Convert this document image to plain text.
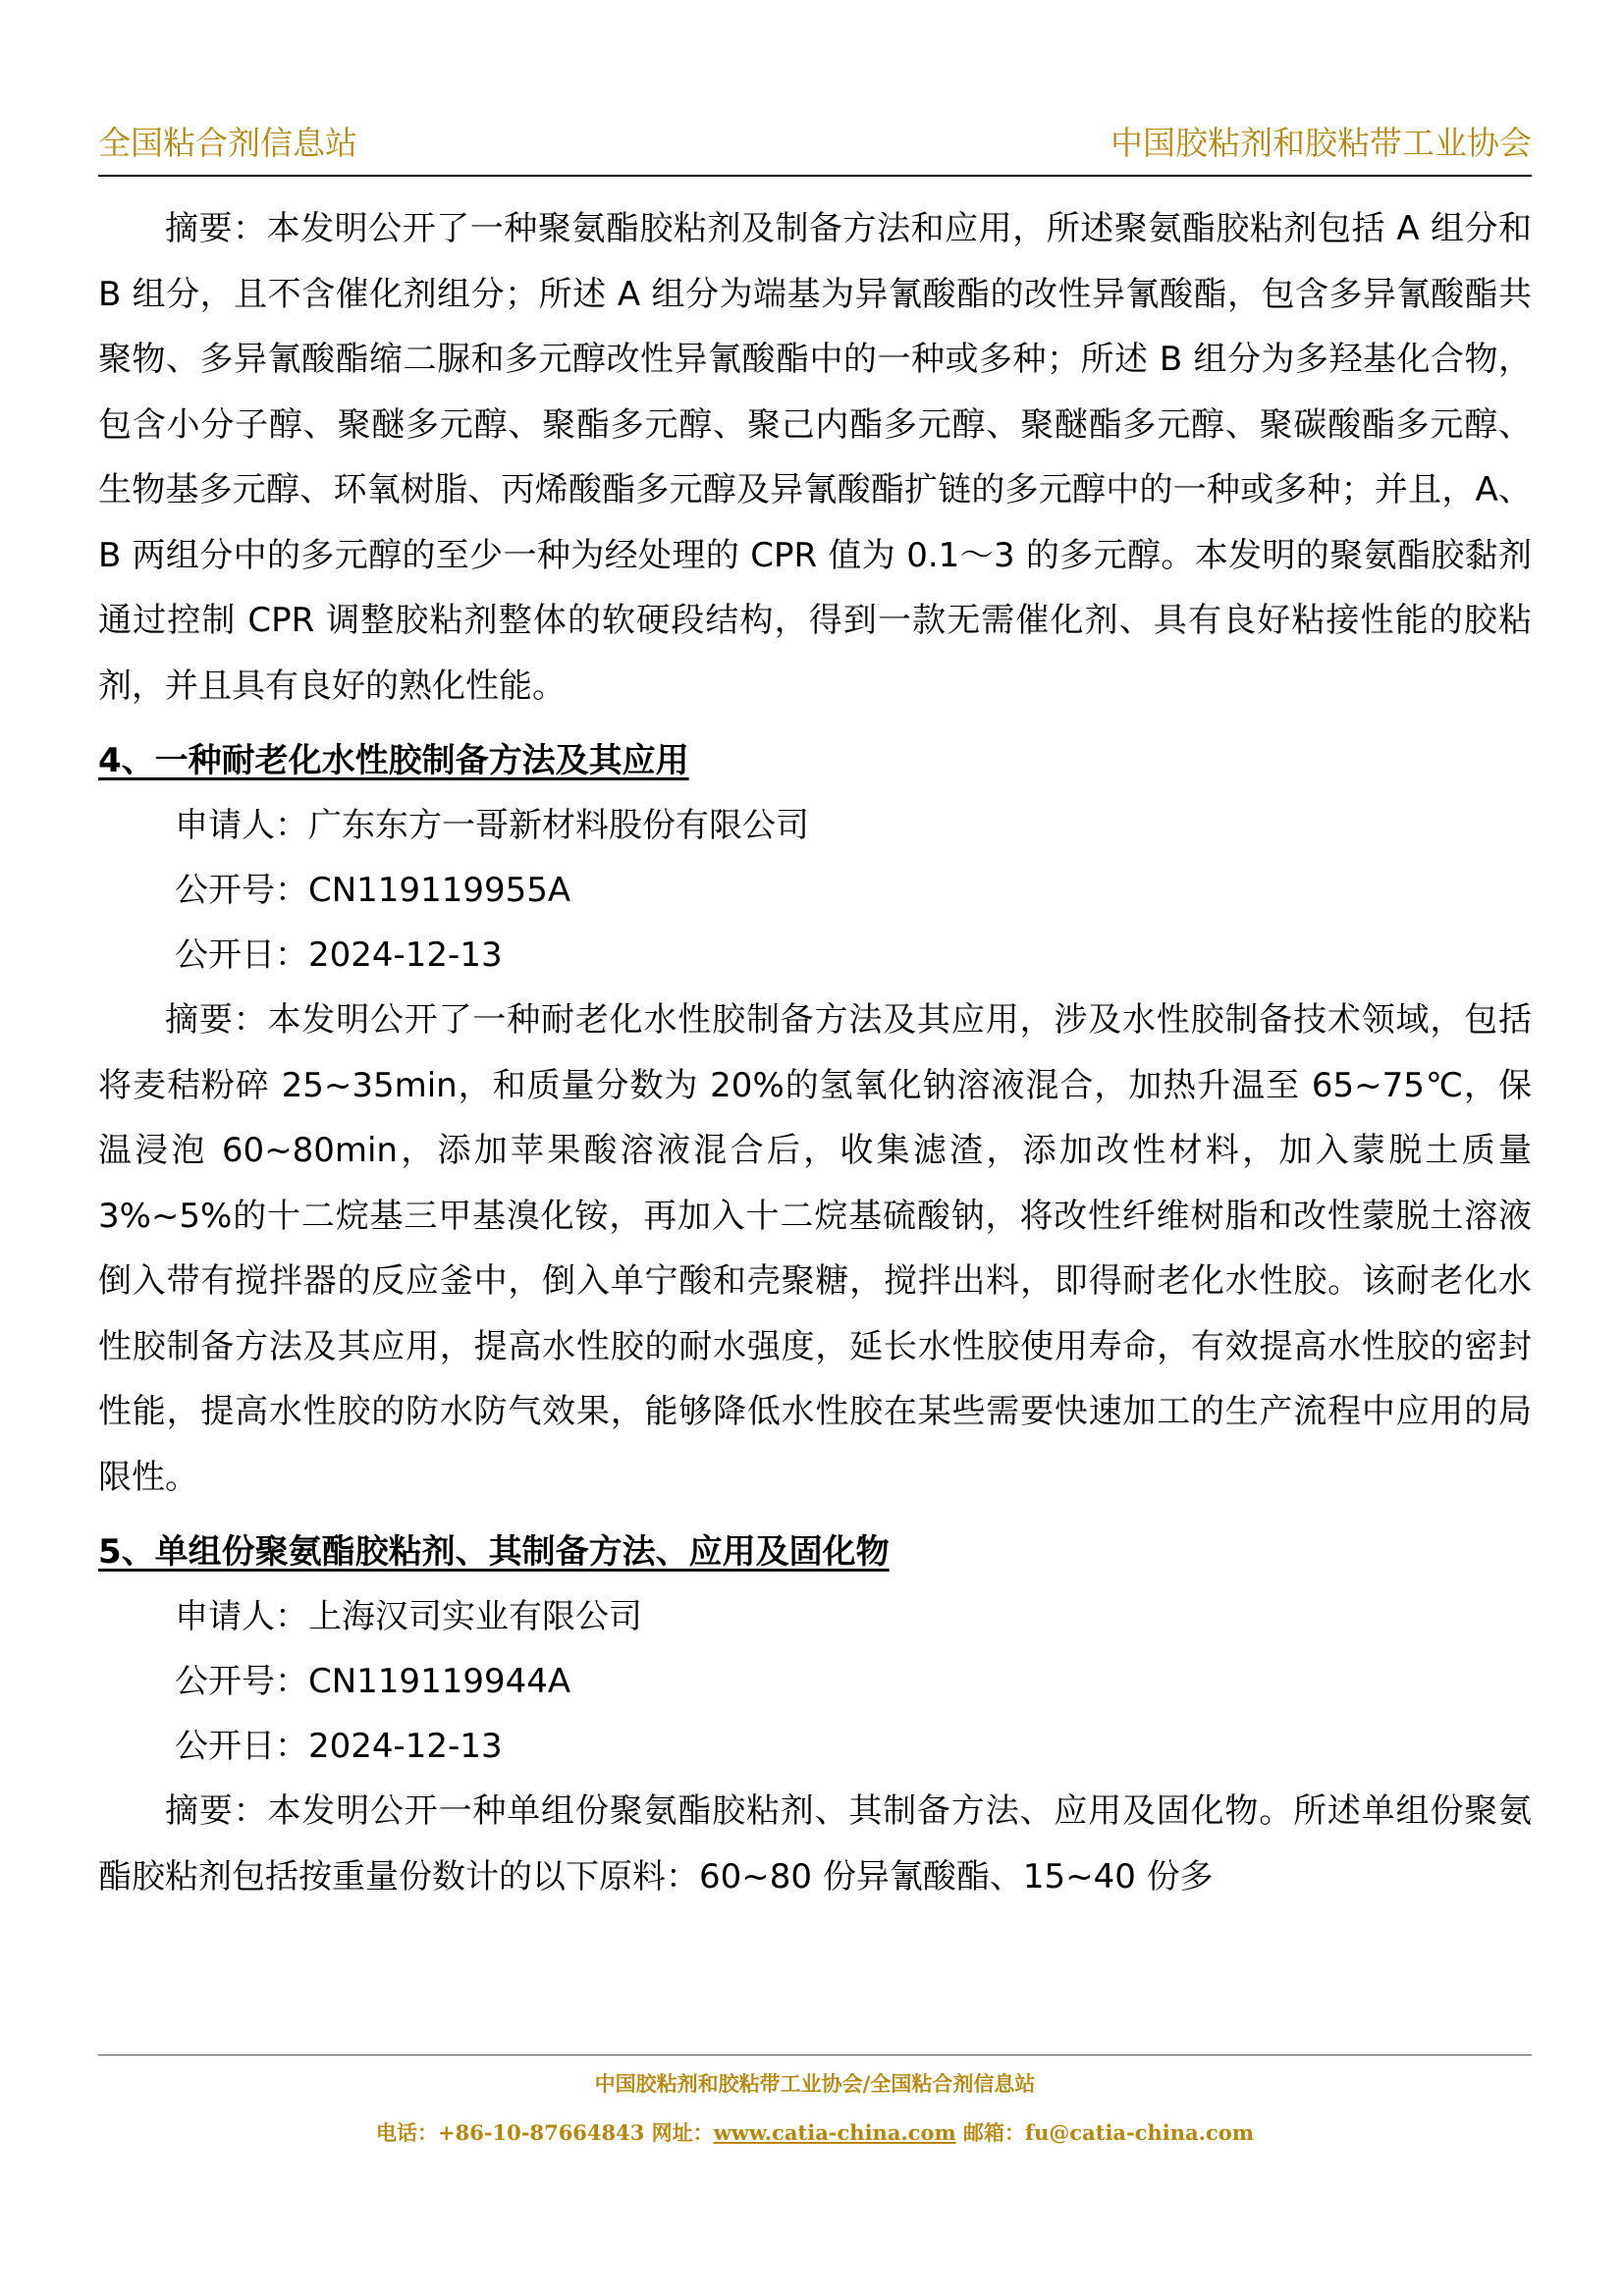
全国粘合剂信息站	中国胶粘剂和胶粘带工业协会

摘要：本发明公开了一种聚氨酯胶粘剂及制备方法和应用，所述聚氨酯胶粘剂包括 A 组分和 B 组分，且不含催化剂组分；所述 A 组分为端基为异氰酸酯的改性异氰酸酯，包含多异氰酸酯共聚物、多异氰酸酯缩二脲和多元醇改性异氰酸酯中的一种或多种；所述 B 组分为多羟基化合物，包含小分子醇、聚醚多元醇、聚酯多元醇、聚己内酯多元醇、聚醚酯多元醇、聚碳酸酯多元醇、生物基多元醇、环氧树脂、丙烯酸酯多元醇及异氰酸酯扩链的多元醇中的一种或多种；并且，A、B 两组分中的多元醇的至少一种为经处理的 CPR 值为 0.1～3 的多元醇。本发明的聚氨酯胶黏剂通过控制 CPR 调整胶粘剂整体的软硬段结构，得到一款无需催化剂、具有良好粘接性能的胶粘剂，并且具有良好的熟化性能。

4、一种耐老化水性胶制备方法及其应用

申请人：广东东方一哥新材料股份有限公司

公开号：CN119119955A

公开日：2024-12-13

摘要：本发明公开了一种耐老化水性胶制备方法及其应用，涉及水性胶制备技术领域，包括将麦秸粉碎 25~35min，和质量分数为 20%的氢氧化钠溶液混合，加热升温至 65~75℃，保温浸泡 60~80min，添加苹果酸溶液混合后，收集滤渣，添加改性材料，加入蒙脱土质量 3%~5%的十二烷基三甲基溴化铵，再加入十二烷基硫酸钠，将改性纤维树脂和改性蒙脱土溶液倒入带有搅拌器的反应釜中，倒入单宁酸和壳聚糖，搅拌出料，即得耐老化水性胶。该耐老化水性胶制备方法及其应用，提高水性胶的耐水强度，延长水性胶使用寿命，有效提高水性胶的密封性能，提高水性胶的防水防气效果，能够降低水性胶在某些需要快速加工的生产流程中应用的局限性。

5、单组份聚氨酯胶粘剂、其制备方法、应用及固化物

申请人：上海汉司实业有限公司

公开号：CN119119944A

公开日：2024-12-13

摘要：本发明公开一种单组份聚氨酯胶粘剂、其制备方法、应用及固化物。所述单组份聚氨酯胶粘剂包括按重量份数计的以下原料：60~80 份异氰酸酯、15~40 份多

中国胶粘剂和胶粘带工业协会/全国粘合剂信息站
电话：+86-10-87664843 网址：www.catia-china.com 邮箱：fu@catia-china.com
